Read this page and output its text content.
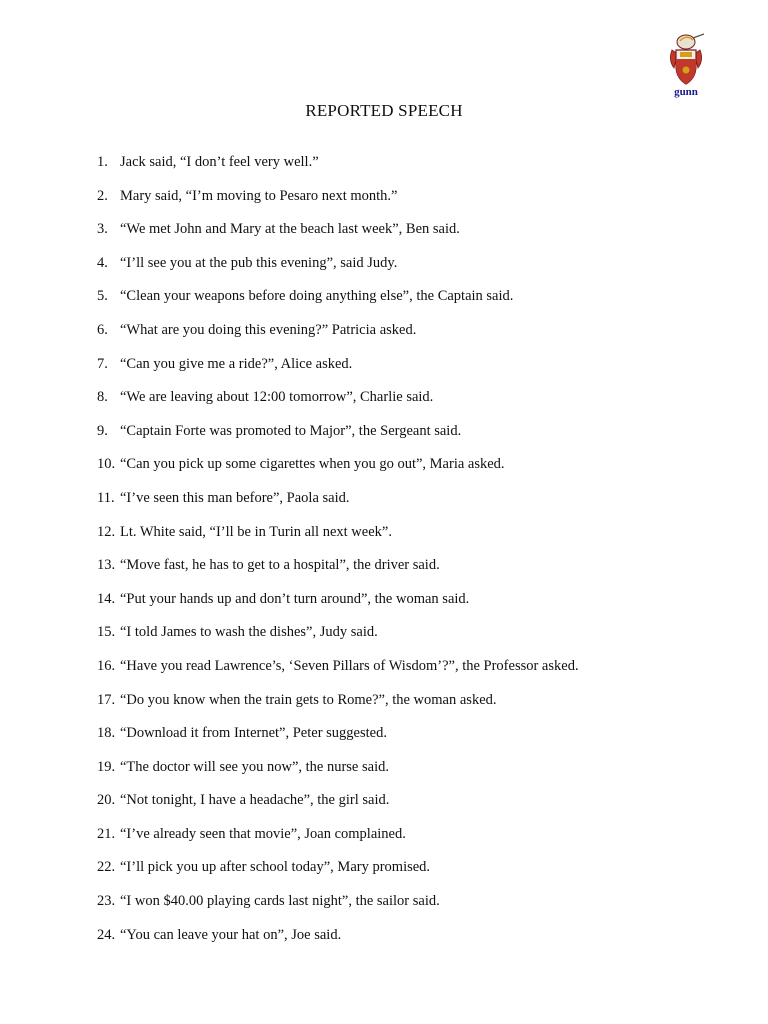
gunn
REPORTED SPEECH
1. Jack said, “I don’t feel very well.”
2. Mary said, “I’m moving to Pesaro next month.”
3. “We met John and Mary at the beach last week”, Ben said.
4. “I’ll see you at the pub this evening”, said Judy.
5. “Clean your weapons before doing anything else”, the Captain said.
6. “What are you doing this evening?” Patricia asked.
7. “Can you give me a ride?”, Alice asked.
8. “We are leaving about 12:00 tomorrow”, Charlie said.
9. “Captain Forte was promoted to Major”, the Sergeant said.
10. “Can you pick up some cigarettes when you go out”, Maria asked.
11. “I’ve seen this man before”, Paola said.
12. Lt. White said, “I’ll be in Turin all next week”.
13. “Move fast, he has to get to a hospital”, the driver said.
14. “Put your hands up and don’t turn around”, the woman said.
15. “I told James to wash the dishes”, Judy said.
16. “Have you read Lawrence’s, ‘Seven Pillars of Wisdom’?”, the Professor asked.
17. “Do you know when the train gets to Rome?”, the woman asked.
18. “Download it from Internet”, Peter suggested.
19. “The doctor will see you now”, the nurse said.
20. “Not tonight, I have a headache”, the girl said.
21. “I’ve already seen that movie”, Joan complained.
22. “I’ll pick you up after school today”, Mary promised.
23. “I won $40.00 playing cards last night”, the sailor said.
24. “You can leave your hat on”, Joe said.
